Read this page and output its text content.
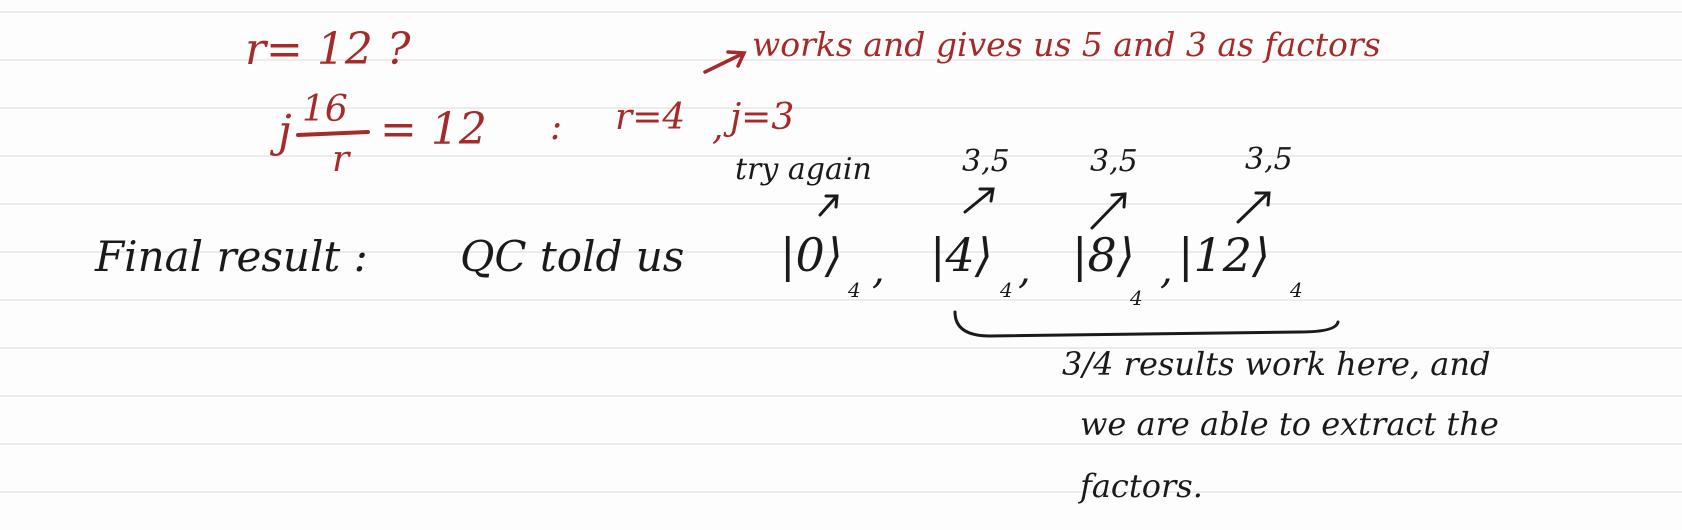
r= 12 ?	works and gives us 5 and 3 as factors
j 16
r
= 12 : r=4 , j=3
try again	3,5	3,5	3,5
Final result : QC told us |0⟩
4 , |4⟩
4 , |8⟩
4
, |12⟩
4
3/4 results work here, and
we are able to extract the
factors.
